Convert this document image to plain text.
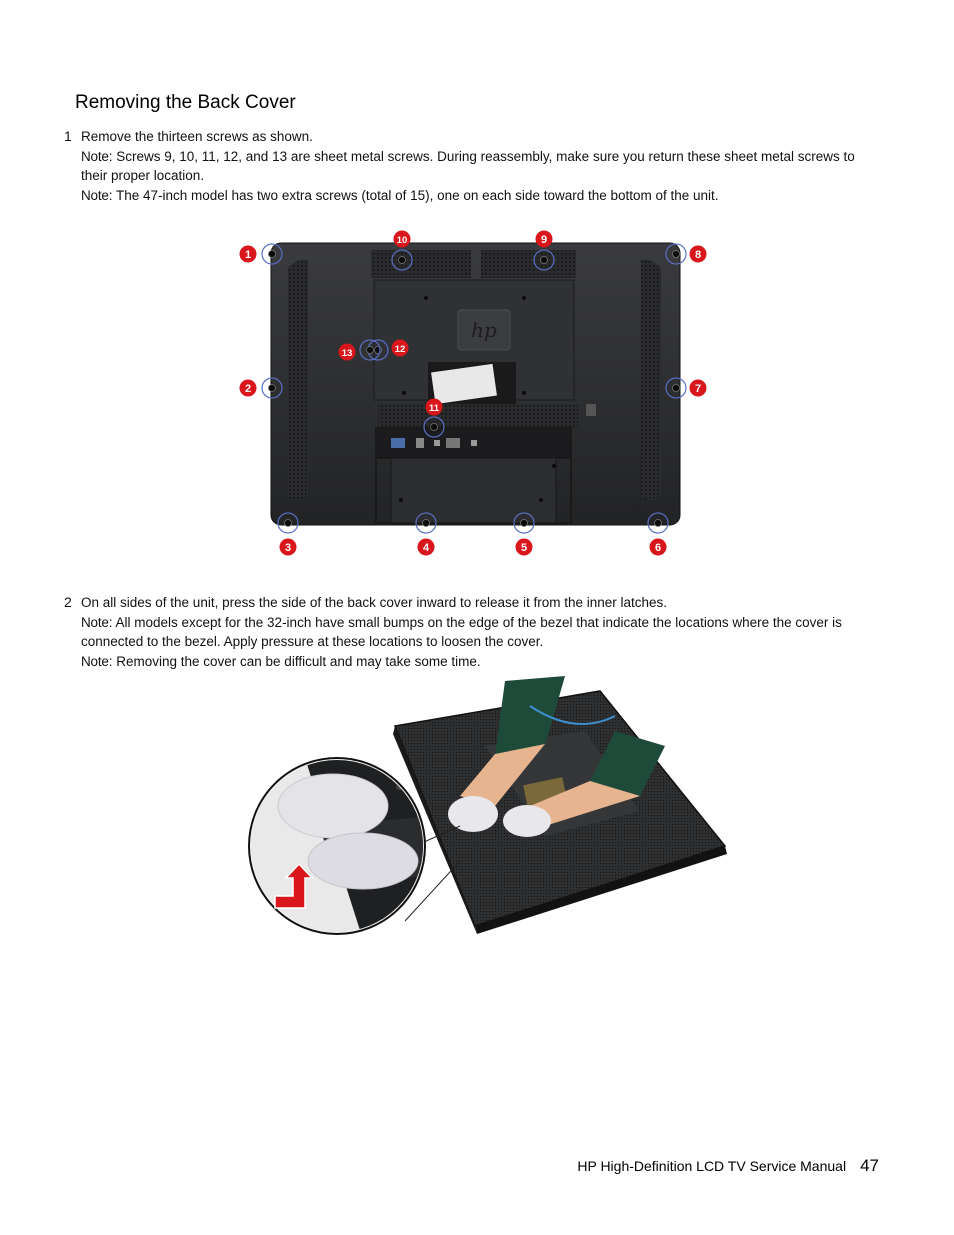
Removing the Back Cover
1 Remove the thirteen screws as shown.

Note: Screws 9, 10, 11, 12, and 13 are sheet metal screws. During reassembly, make sure you return these sheet metal screws to their proper location.

Note: The 47-inch model has two extra screws (total of 15), one on each side toward the bottom of the unit.

hp
1
2
3	4	5	6
7
8
9
10
11
12
13
2 On all sides of the unit, press the side of the back cover inward to release it from the inner latches.

Note: All models except for the 32-inch have small bumps on the edge of the bezel that indicate the locations where the cover is connected to the bezel. Apply pressure at these locations to loosen the cover.

Note: Removing the cover can be difficult and may take some time.

HP High-Definition LCD TV Service Manual 47
